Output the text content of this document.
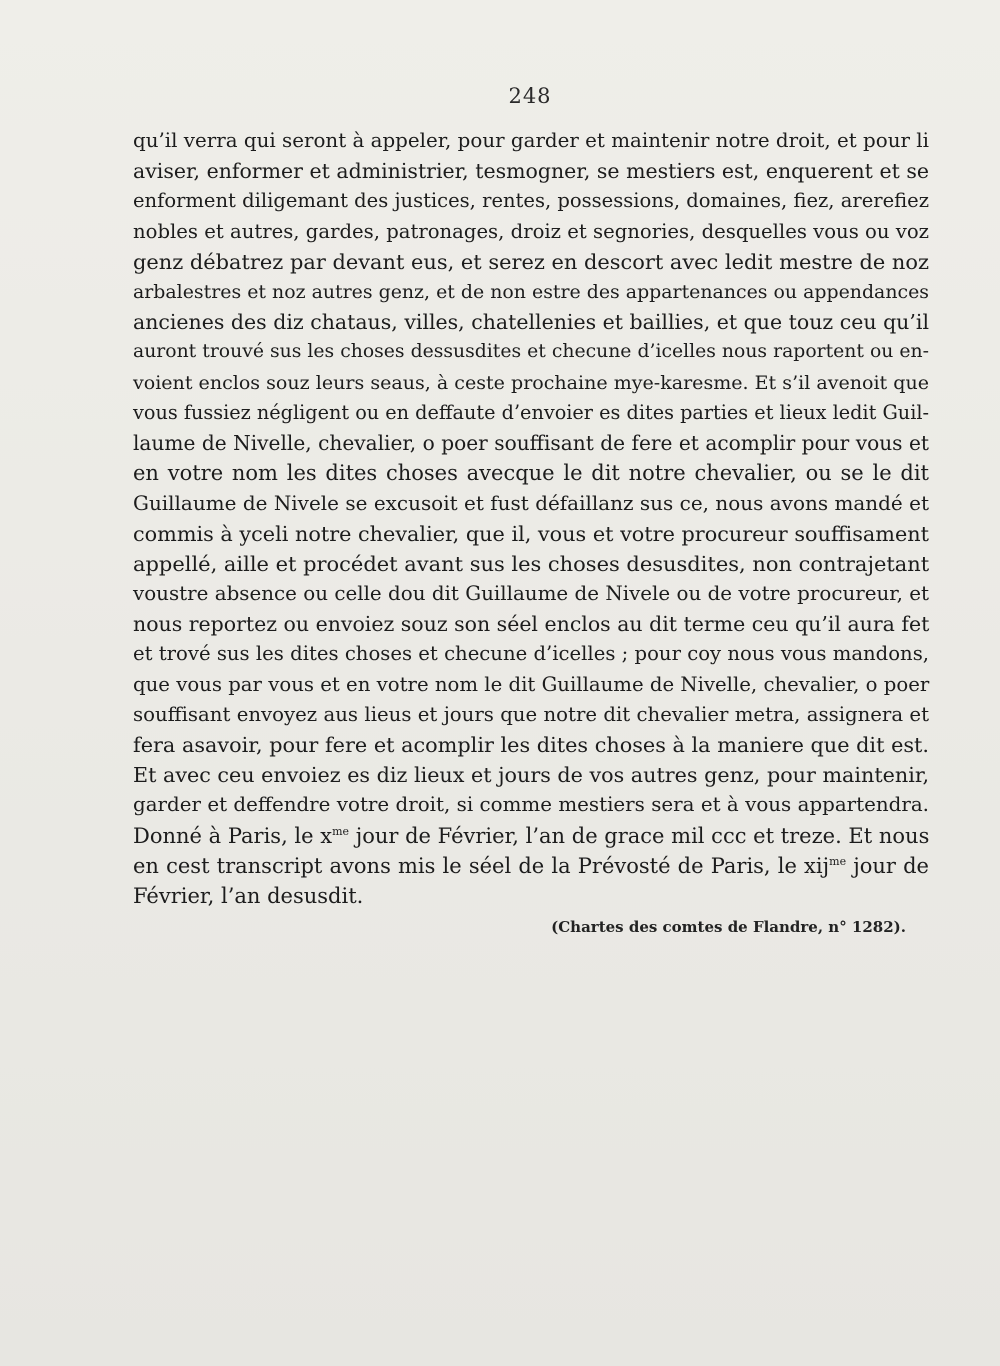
248
qu’il verra qui seront à appeler, pour garder et maintenir notre droit, et pour li
aviser, enformer et administrier, tesmogner, se mestiers est, enquerent et se
enforment diligemant des justices, rentes, possessions, domaines, fiez, arerefiez
nobles et autres, gardes, patronages, droiz et segnories, desquelles vous ou voz
genz débatrez par devant eus, et serez en descort avec ledit mestre de noz
arbalestres et noz autres genz, et de non estre des appartenances ou appendances
ancienes des diz chataus, villes, chatellenies et baillies, et que touz ceu qu’il
auront trouvé sus les choses dessusdites et checune d’icelles nous raportent ou en-
voient enclos souz leurs seaus, à ceste prochaine mye-karesme. Et s’il avenoit que
vous fussiez négligent ou en deffaute d’envoier es dites parties et lieux ledit Guil-
laume de Nivelle, chevalier, o poer souffisant de fere et acomplir pour vous et
en votre nom les dites choses avecque le dit notre chevalier, ou se le dit
Guillaume de Nivele se excusoit et fust défaillanz sus ce, nous avons mandé et
commis à yceli notre chevalier, que il, vous et votre procureur souffisament
appellé, aille et procédet avant sus les choses desusdites, non contrajetant
voustre absence ou celle dou dit Guillaume de Nivele ou de votre procureur, et
nous reportez ou envoiez souz son séel enclos au dit terme ceu qu’il aura fet
et trové sus les dites choses et checune d’icelles ; pour coy nous vous mandons,
que vous par vous et en votre nom le dit Guillaume de Nivelle, chevalier, o poer
souffisant envoyez aus lieus et jours que notre dit chevalier metra, assignera et
fera asavoir, pour fere et acomplir les dites choses à la maniere que dit est.
Et avec ceu envoiez es diz lieux et jours de vos autres genz, pour maintenir,
garder et deffendre votre droit, si comme mestiers sera et à vous appartendra.
Donné à Paris, le $x^{me}$ jour de Février, l’an de grace mil ccc et treze. Et nous
en cest transcript avons mis le séel de la Prévosté de Paris, le xij$^{me}$ jour de
Février, l’an desusdit.
(Chartes des comtes de Flandre, n° 1282).
